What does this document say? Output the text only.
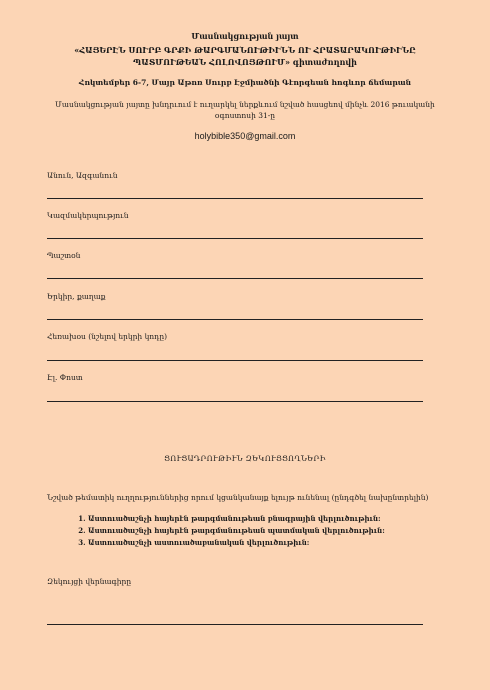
Մասնակցության յայտ
«ՀԱՅԵՐԷՆ ՍՈՒՐԲ ԳՐՔԻ ԹԱՐԳՄԱՆՈՒԹԻՒՆՆ ՈՒ ՀՐԱՏԱՐԱԿՈՒԹԻՒՆԸ ՊԱՏՄՈՒԹԵԱՆ ՀՈԼՈՎՈՅԹՈՒՄ» գիտաժողովի
Հոկտեմբեր 6-7, Մայր Աթոռ Սուրբ Էջմիածնի Գէորգեան հոգևոր ճեմարան
Մասնակցության յայտը խնդրւում է ուղարկել ներքևում նշված հասցեով մինչև 2016 թուականի օգոստոսի 31-ը
holybible350@gmail.com
Անուն, Ազգանուն
Կազմակերպություն
Պաշտօն
Երկիր, քաղաք
Հեռախօս (նշելով երկրի կոդը)
Էլ. Փոստ
ՑՈՒՑԱԴՐՈՒԹԻՒՆ ԶԵԿՈՒՅՑՈՂՆԵՐԻ
Նշված թեմատիկ ուղղություններից որում կցանկանայք ելույթ ունենալ (ընդգծել նախընտրելին)
1. Աստուածաշնչի հայերէն թարգմանութեան բնագրային վերլուծութիւն:
2. Աստուածաշնչի հայերէն թարգմանութեան պատմական վերլուծութիւն:
3. Աստուածաշնչի աստուածաբանական վերլուծութիւն:
Զեկույցի վերնագիրը
